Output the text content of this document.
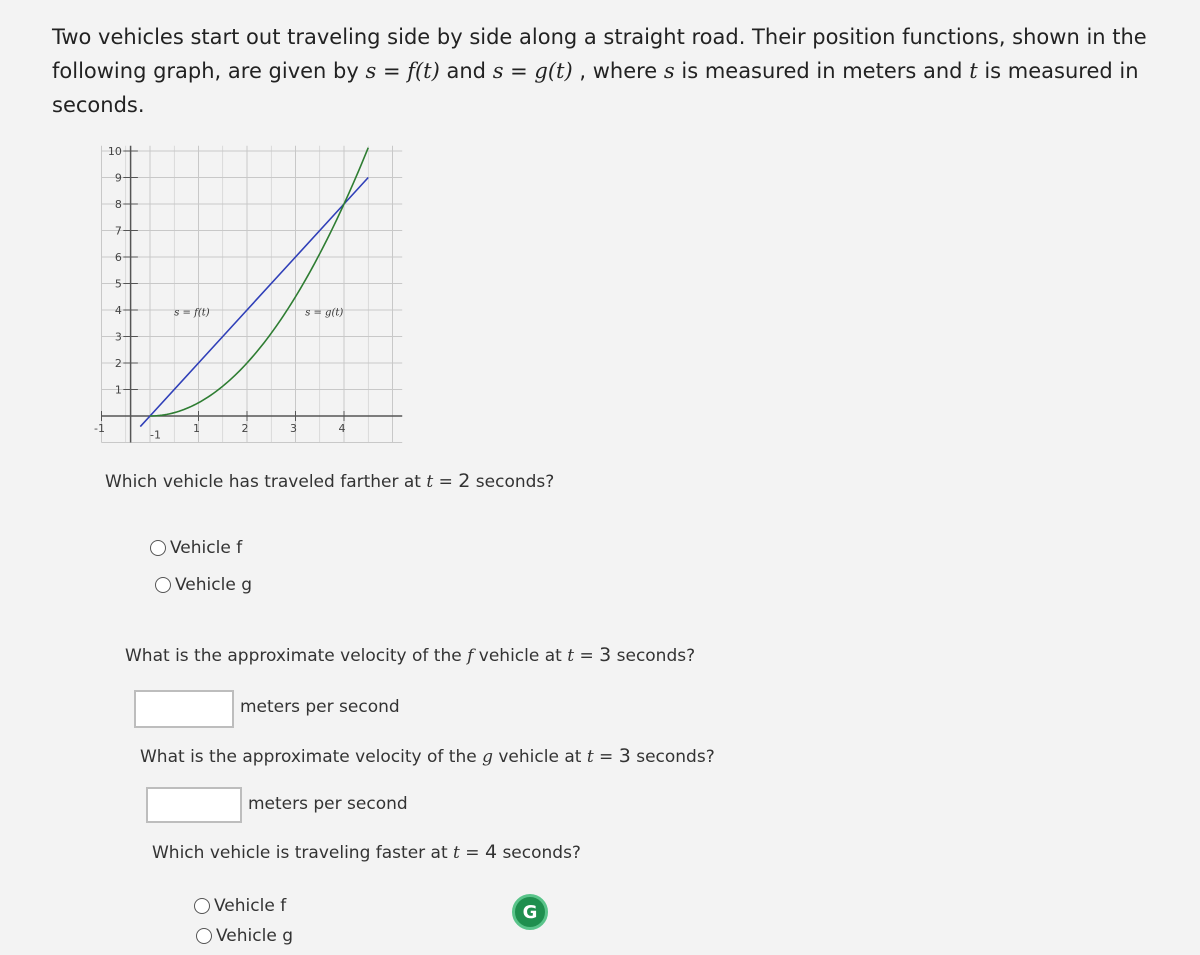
Two vehicles start out traveling side by side along a straight road. Their position functions, shown in the following graph, are given by s = f(t) and s = g(t) , where s is measured in meters and t is measured in seconds.
10
9
8
7
6
5
4
3
2
1
-1	1	2	3	4
-1
s = f(t)	s = g(t)
Which vehicle has traveled farther at t = 2 seconds?
Vehicle f
Vehicle g
What is the approximate velocity of the f vehicle at t = 3 seconds?
meters per second
What is the approximate velocity of the g vehicle at t = 3 seconds?
meters per second
Which vehicle is traveling faster at t = 4 seconds?
Vehicle f
Vehicle g
G
